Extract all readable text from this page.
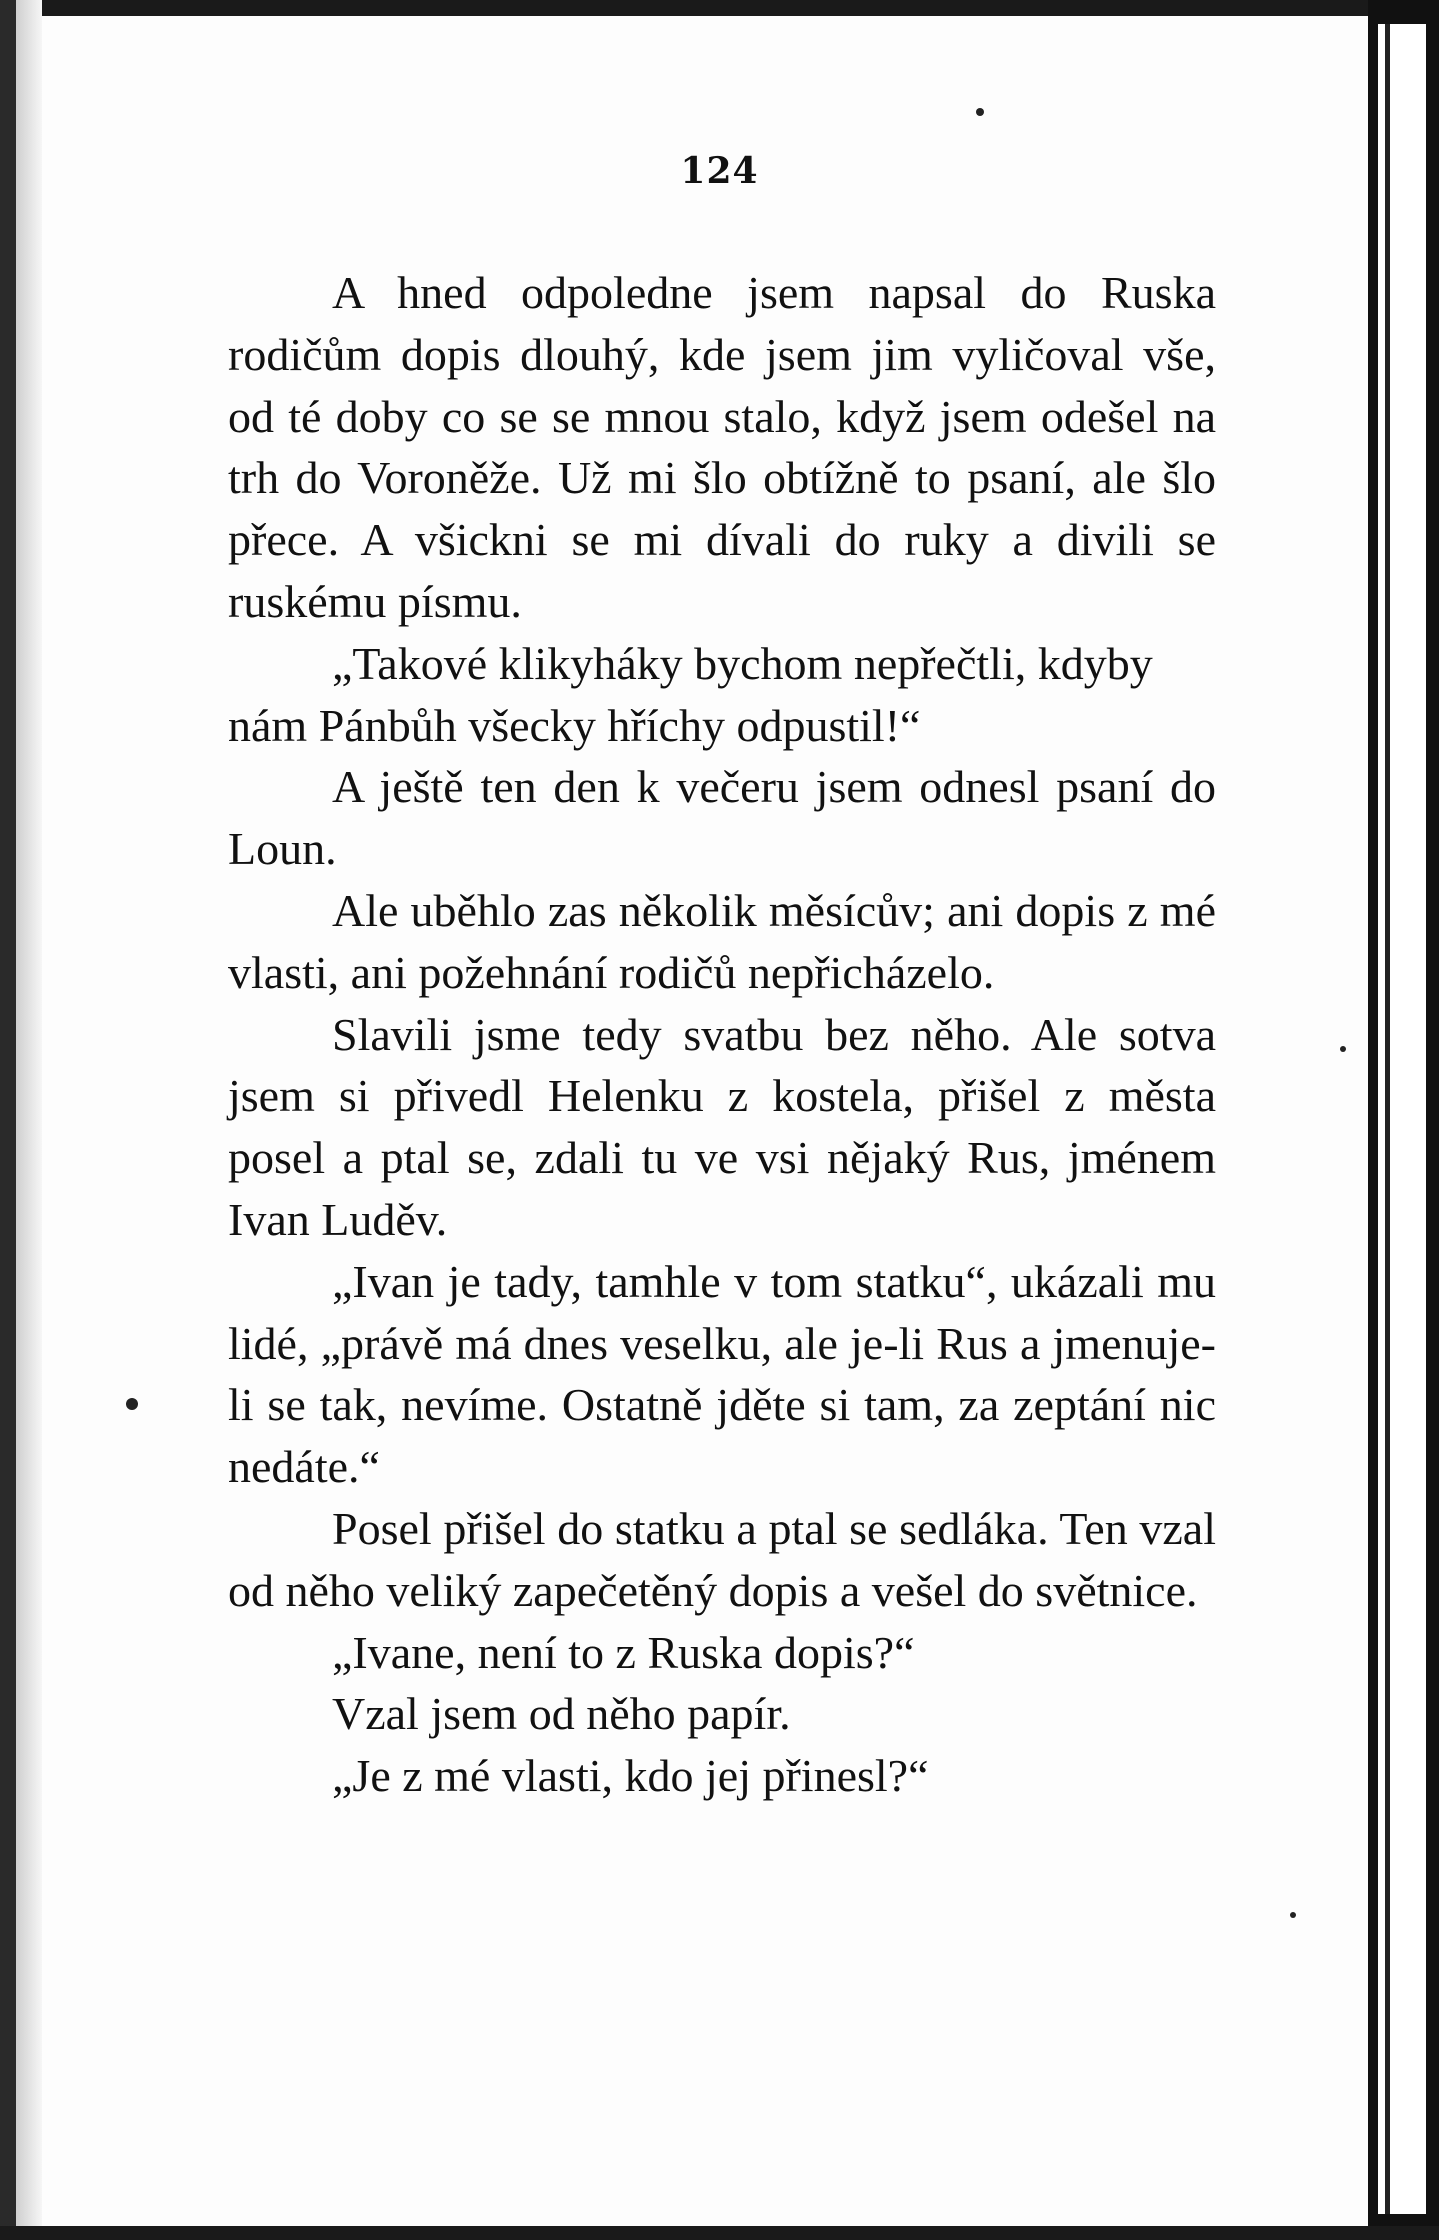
124

A hned odpoledne jsem napsal do Ruska rodičům dopis dlouhý, kde jsem jim vyličoval vše, od té doby co se se mnou stalo, když jsem odešel na trh do Voroněže. Už mi šlo obtížně to psaní, ale šlo přece. A všickni se mi dívali do ruky a divili se ruskému písmu.

„Takové klikyháky bychom nepřečtli, kdyby nám Pánbůh všecky hříchy odpustil!“

A ještě ten den k večeru jsem odnesl psaní do Loun.

Ale uběhlo zas několik měsícův; ani dopis z mé vlasti, ani požehnání rodičů nepřicházelo.

Slavili jsme tedy svatbu bez něho. Ale sotva jsem si přivedl Helenku z kostela, přišel z města posel a ptal se, zdali tu ve vsi nějaký Rus, jménem Ivan Luděv.

„Ivan je tady, tamhle v tom statku“, ukázali mu lidé, „právě má dnes veselku, ale je-li Rus a jmenuje-li se tak, nevíme. Ostatně jděte si tam, za zeptání nic nedáte.“

Posel přišel do statku a ptal se sedláka. Ten vzal od něho veliký zapečetěný dopis a vešel do světnice.

„Ivane, není to z Ruska dopis?“

Vzal jsem od něho papír.

„Je z mé vlasti, kdo jej přinesl?“
